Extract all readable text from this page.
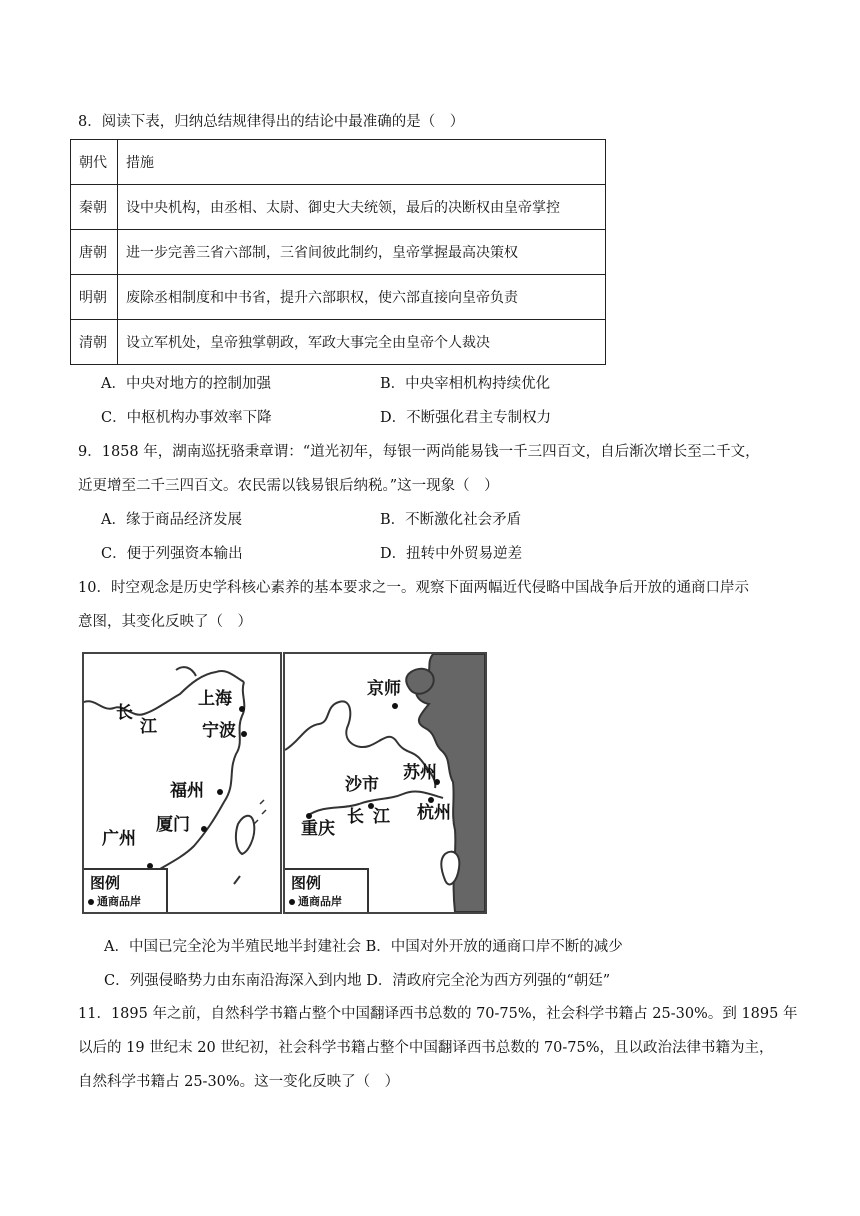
8．阅读下表，归纳总结规律得出的结论中最准确的是（　）
朝代	措施
秦朝	设中央机构，由丞相、太尉、御史大夫统领，最后的决断权由皇帝掌控
唐朝	进一步完善三省六部制，三省间彼此制约，皇帝掌握最高决策权
明朝	废除丞相制度和中书省，提升六部职权，使六部直接向皇帝负责
清朝	设立军机处，皇帝独掌朝政，军政大事完全由皇帝个人裁决
A．中央对地方的控制加强	B．中央宰相机构持续优化
C．中枢机构办事效率下降	D．不断强化君主专制权力
9．1858 年，湖南巡抚骆秉章谓：“道光初年，每银一两尚能易钱一千三四百文，自后渐次增长至二千文，
近更增至二千三四百文。农民需以钱易银后纳税。”这一现象（　）
A．缘于商品经济发展	B．不断激化社会矛盾
C．便于列强资本输出	D．扭转中外贸易逆差
10．时空观念是历史学科核心素养的基本要求之一。观察下面两幅近代侵略中国战争后开放的通商口岸示
意图，其变化反映了（　）
上海
长
江	宁波
福州
厦门
广州
图例
通商品岸
京师
苏州
沙市
长 江 杭州
重庆
图例
通商品岸
A．中国已完全沦为半殖民地半封建社会 B．中国对外开放的通商口岸不断的减少
C．列强侵略势力由东南沿海深入到内地 D．清政府完全沦为西方列强的“朝廷”
11．1895 年之前，自然科学书籍占整个中国翻译西书总数的 70-75%，社会科学书籍占 25-30%。到 1895 年
以后的 19 世纪末 20 世纪初，社会科学书籍占整个中国翻译西书总数的 70-75%，且以政治法律书籍为主，
自然科学书籍占 25-30%。这一变化反映了（　）
